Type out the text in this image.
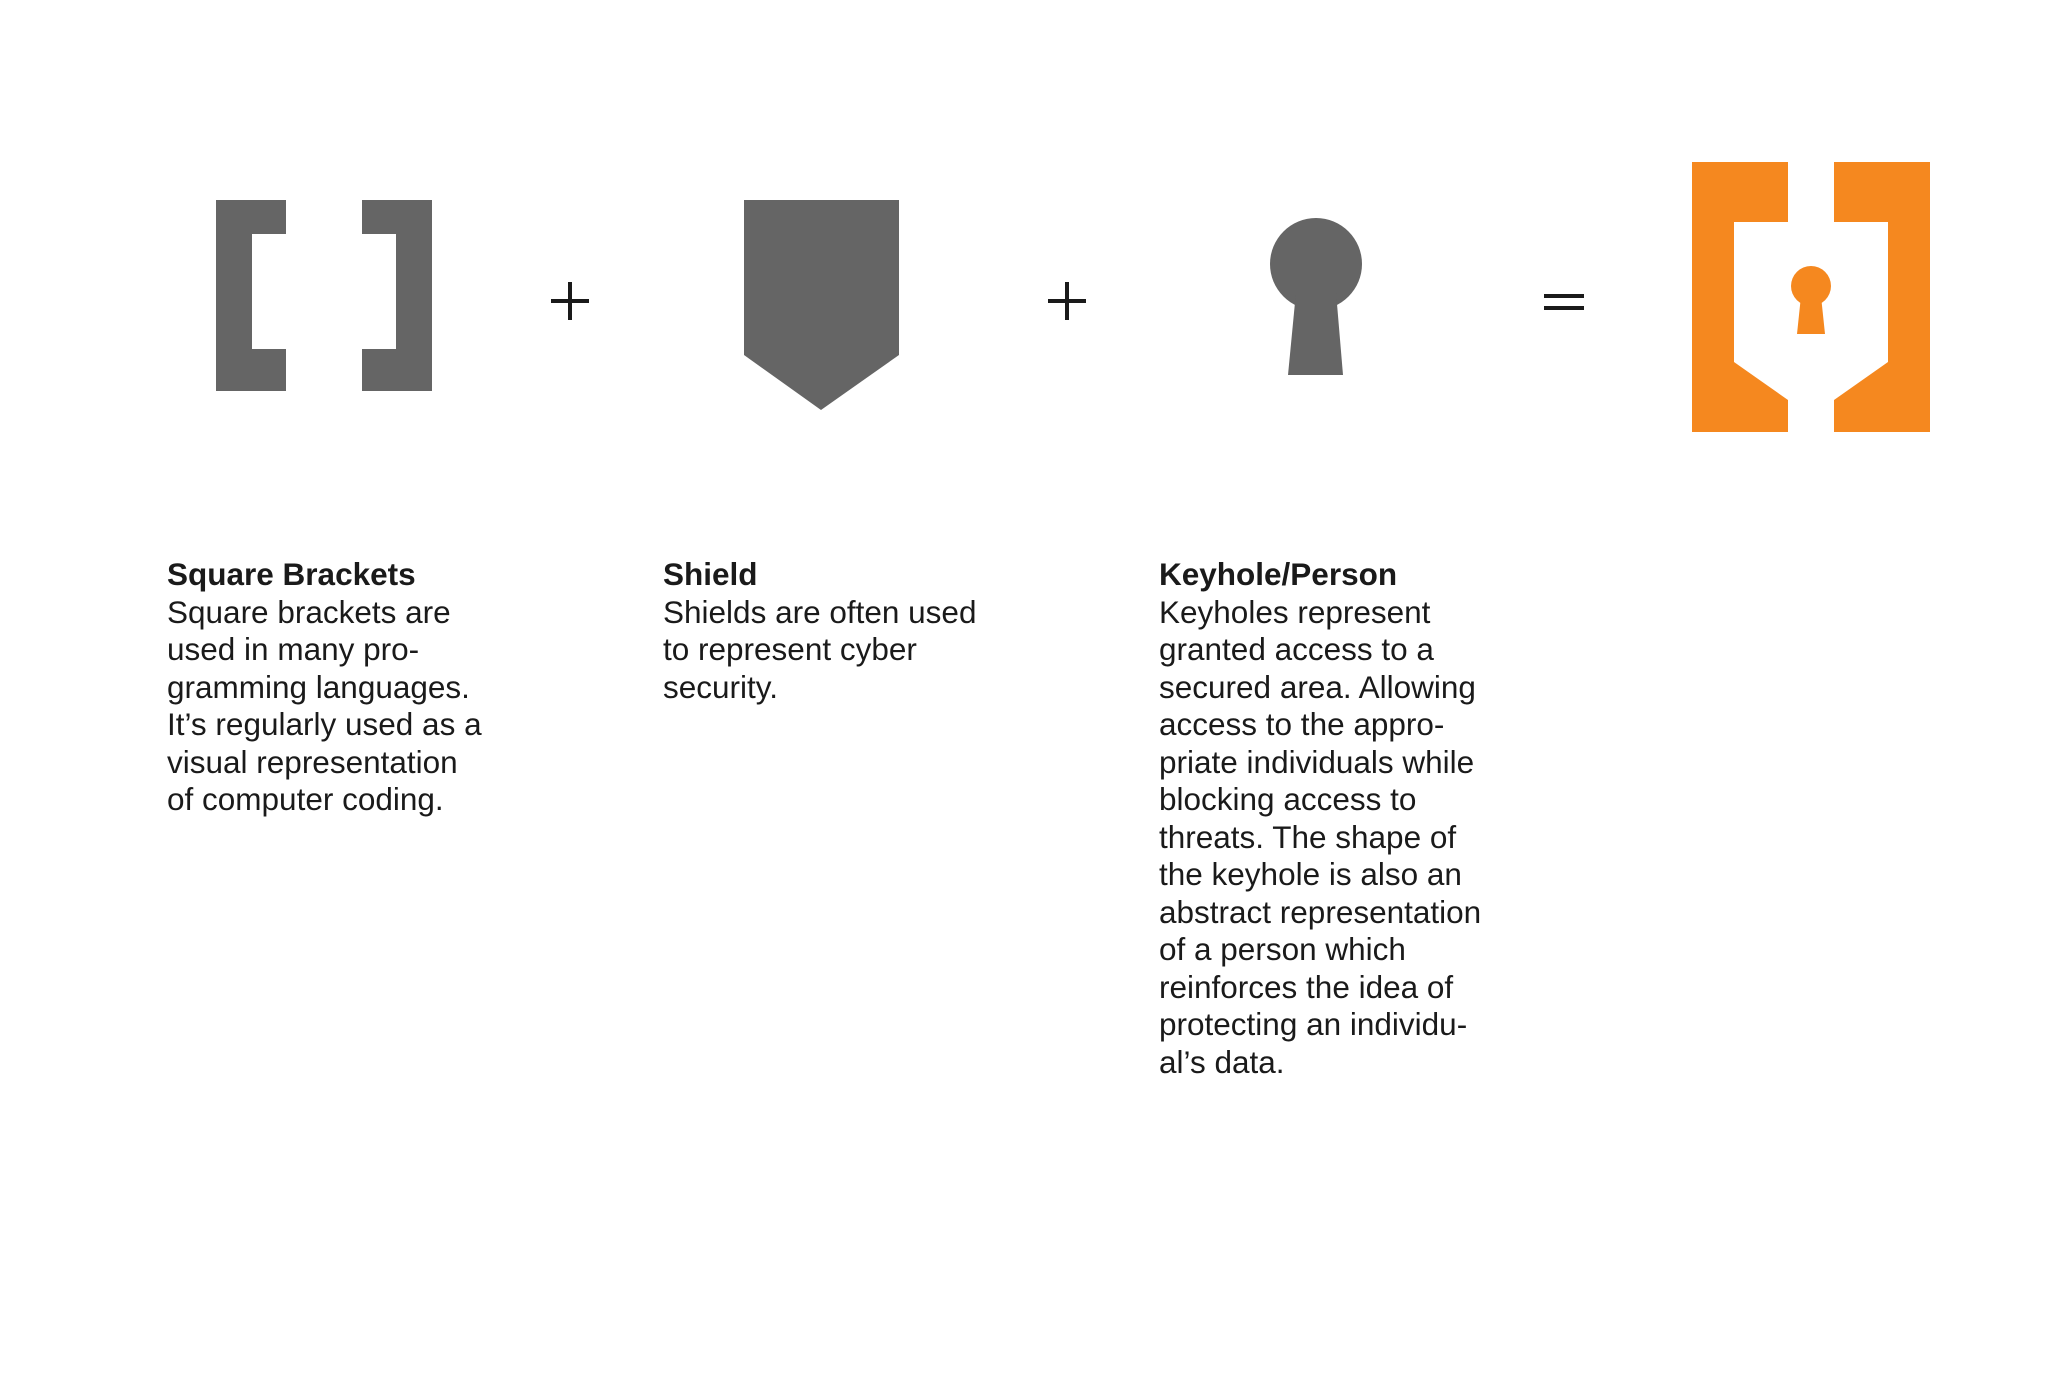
Square Brackets

Square brackets are
used in many pro-
gramming languages.
It’s regularly used as a
visual representation
of computer coding.

Shield

Shields are often used
to represent cyber
security.

Keyhole/Person

Keyholes represent
granted access to a
secured area. Allowing
access to the appro-
priate individuals while
blocking access to
threats. The shape of
the keyhole is also an
abstract representation
of a person which
reinforces the idea of
protecting an individu-
al’s data.
